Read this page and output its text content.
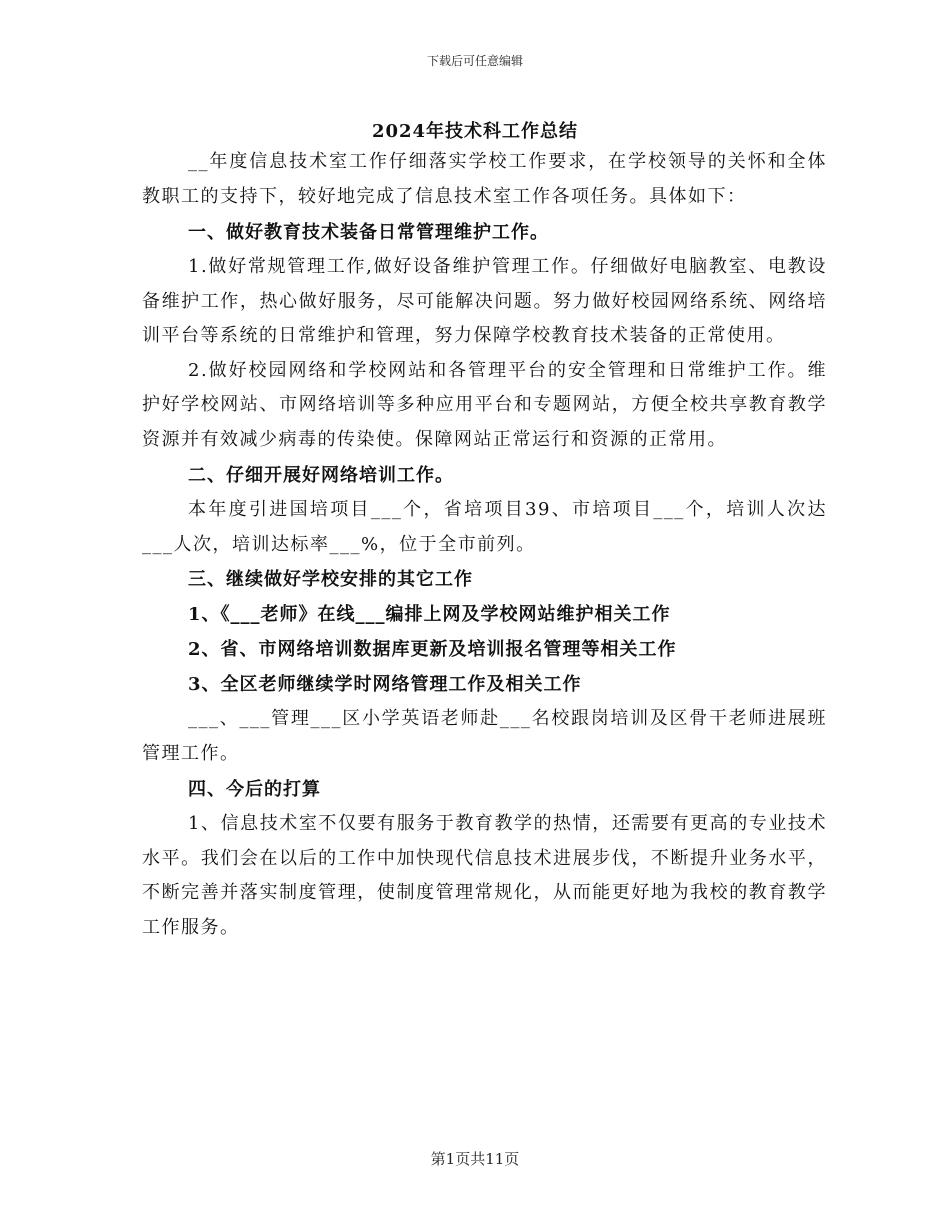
下载后可任意编辑
2024年技术科工作总结

__年度信息技术室工作仔细落实学校工作要求，在学校领导的关怀和全体教职工的支持下，较好地完成了信息技术室工作各项任务。具体如下：

一、做好教育技术装备日常管理维护工作。

1.做好常规管理工作,做好设备维护管理工作。仔细做好电脑教室、电教设备维护工作，热心做好服务，尽可能解决问题。努力做好校园网络系统、网络培训平台等系统的日常维护和管理，努力保障学校教育技术装备的正常使用。

2.做好校园网络和学校网站和各管理平台的安全管理和日常维护工作。维护好学校网站、市网络培训等多种应用平台和专题网站，方便全校共享教育教学资源并有效减少病毒的传染使。保障网站正常运行和资源的正常用。

二、仔细开展好网络培训工作。

本年度引进国培项目___个，省培项目39、市培项目___个，培训人次达___人次，培训达标率___%，位于全市前列。

三、继续做好学校安排的其它工作

1、《___老师》在线___编排上网及学校网站维护相关工作

2、省、市网络培训数据库更新及培训报名管理等相关工作

3、全区老师继续学时网络管理工作及相关工作

___、___管理___区小学英语老师赴___名校跟岗培训及区骨干老师进展班管理工作。

四、今后的打算

1、信息技术室不仅要有服务于教育教学的热情，还需要有更高的专业技术水平。我们会在以后的工作中加快现代信息技术进展步伐，不断提升业务水平，不断完善并落实制度管理，使制度管理常规化，从而能更好地为我校的教育教学工作服务。

第1页共11页
